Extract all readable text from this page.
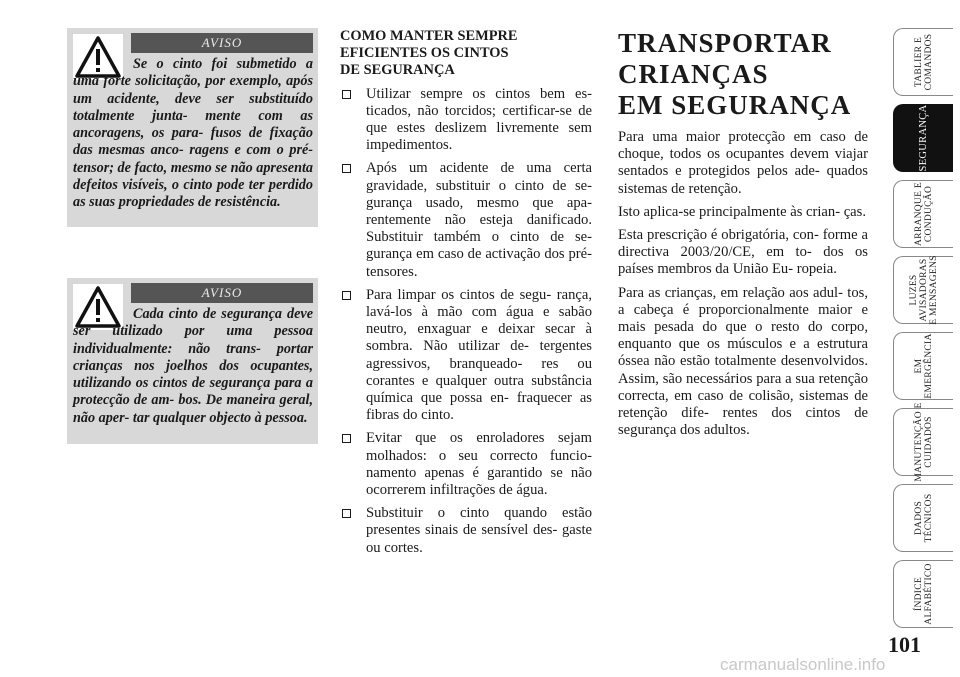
AVISO
Se o cinto foi submetido a uma forte solicitação, por exemplo, após um acidente, deve ser substituído totalmente junta- mente com as ancoragens, os para- fusos de fixação das mesmas anco- ragens e com o pré-tensor; de facto, mesmo se não apresenta defeitos visíveis, o cinto pode ter perdido as suas propriedades de resistência.
AVISO
Cada cinto de segurança deve ser utilizado por uma pessoa individualmente: não trans- portar crianças nos joelhos dos ocupantes, utilizando os cintos de segurança para a protecção de am- bos. De maneira geral, não aper- tar qualquer objecto à pessoa.
COMO MANTER SEMPRE
EFICIENTES OS CINTOS
DE SEGURANÇA
Utilizar sempre os cintos bem es- ticados, não torcidos; certificar-se de que estes deslizem livremente sem impedimentos.
Após um acidente de uma certa gravidade, substituir o cinto de se- gurança usado, mesmo que apa- rentemente não esteja danificado. Substituir também o cinto de se- gurança em caso de activação dos pré-tensores.
Para limpar os cintos de segu- rança, lavá-los à mão com água e sabão neutro, enxaguar e deixar secar à sombra. Não utilizar de- tergentes agressivos, branqueado- res ou corantes e qualquer outra substância química que possa en- fraquecer as fibras do cinto.
Evitar que os enroladores sejam molhados: o seu correcto funcio- namento apenas é garantido se não ocorrerem infiltrações de água.
Substituir o cinto quando estão presentes sinais de sensível des- gaste ou cortes.
TRANSPORTAR
CRIANÇAS
EM SEGURANÇA

Para uma maior protecção em caso de choque, todos os ocupantes devem viajar sentados e protegidos pelos ade- quados sistemas de retenção.

Isto aplica-se principalmente às crian- ças.

Esta prescrição é obrigatória, con- forme a directiva 2003/20/CE, em to- dos os países membros da União Eu- ropeia.

Para as crianças, em relação aos adul- tos, a cabeça é proporcionalmente maior e mais pesada do que o resto do corpo, enquanto que os músculos e a estrutura óssea não estão totalmente desenvolvidos. Assim, são necessários para a sua retenção correcta, em caso de colisão, sistemas de retenção dife- rentes dos cintos de segurança dos adultos.

TABLIER E
COMANDOS
SEGURANÇA
ARRANQUE E
CONDUÇÃO
LUZES
AVISADORAS
E MENSAGENS
EM
EMERGÊNCIA
MANUTENÇÃO E
CUIDADOS
DADOS
TÉCNICOS
ÍNDICE
ALFABÉTICO
101
carmanualsonline.info
